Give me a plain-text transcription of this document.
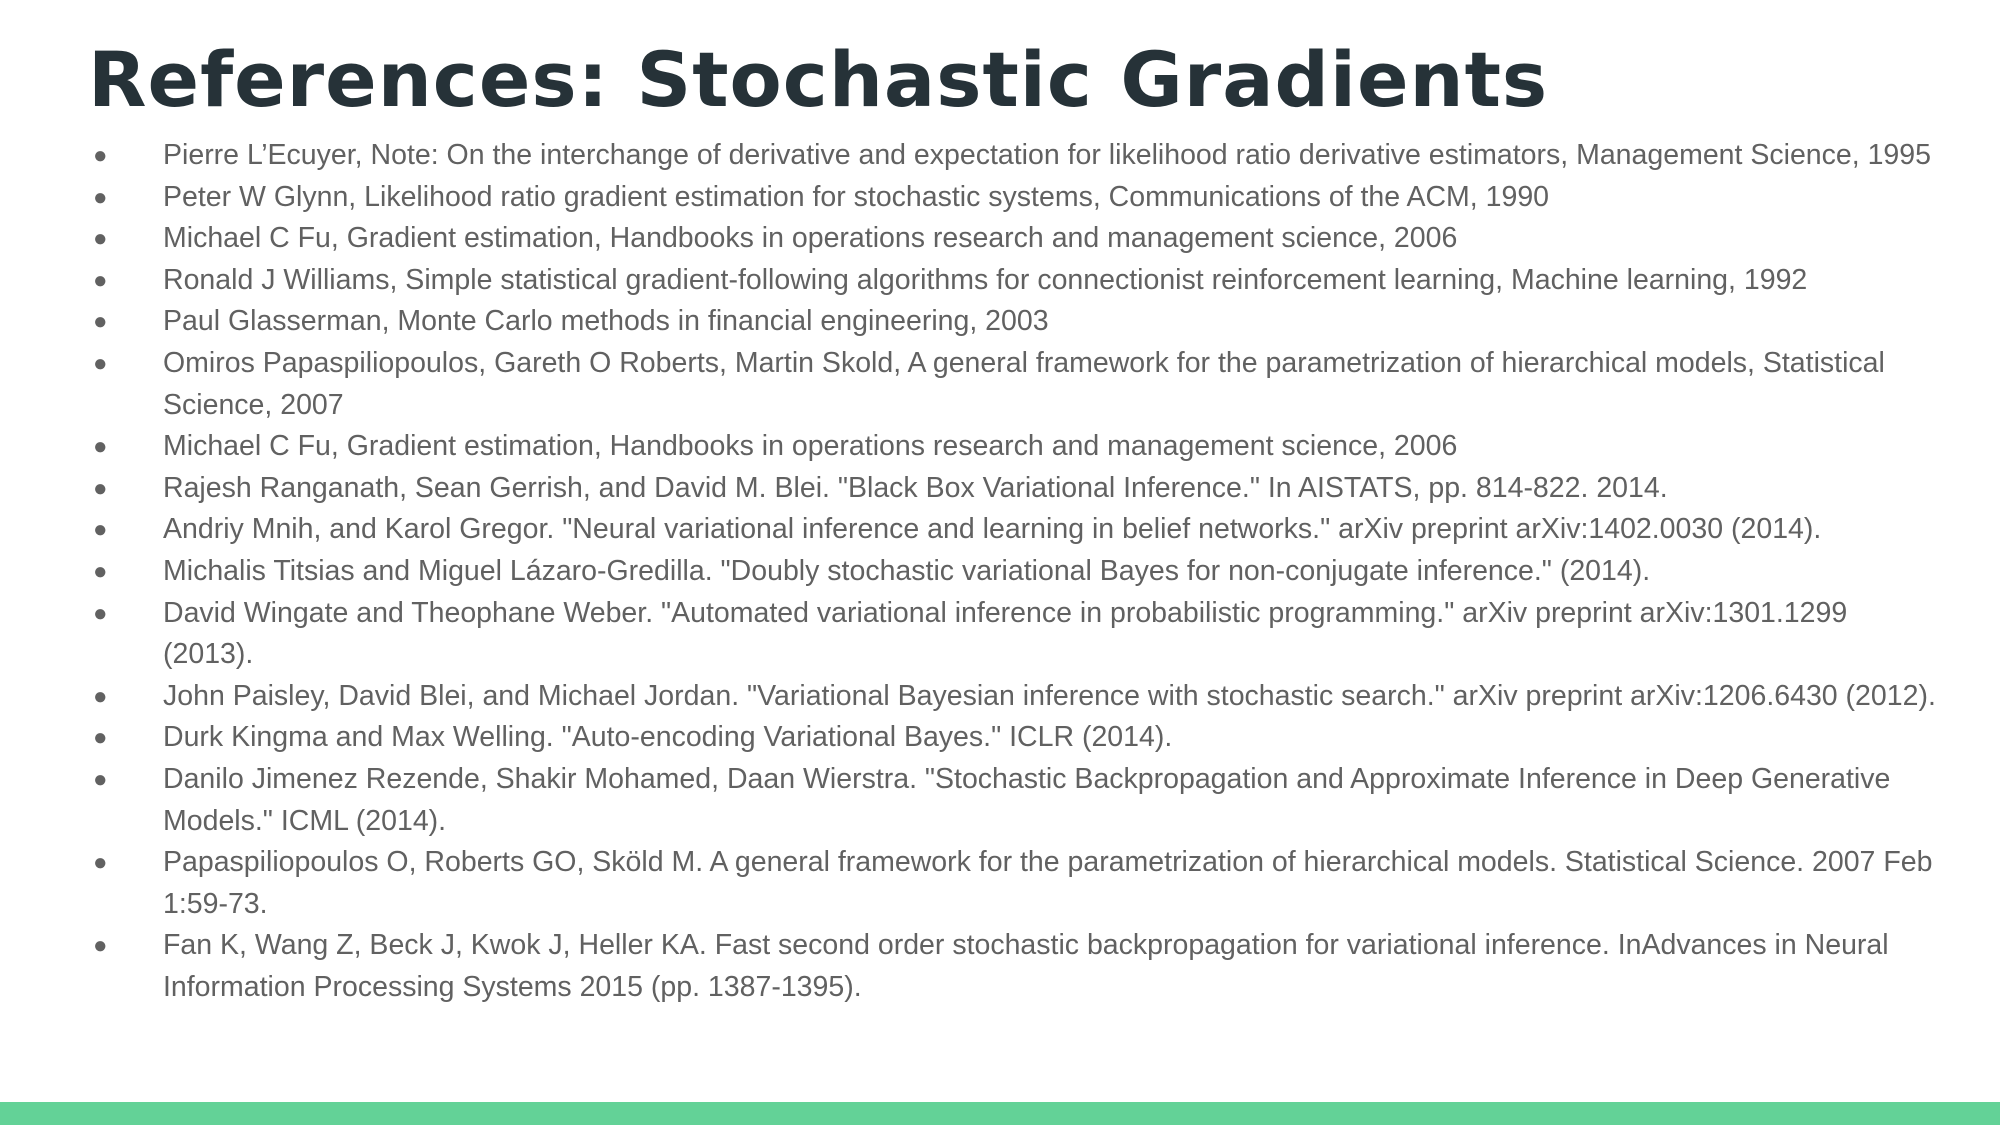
References: Stochastic Gradients
● Pierre L’Ecuyer, Note: On the interchange of derivative and expectation for likelihood ratio derivative estimators, Management Science, 1995
● Peter W Glynn, Likelihood ratio gradient estimation for stochastic systems, Communications of the ACM, 1990
● Michael C Fu, Gradient estimation, Handbooks in operations research and management science, 2006
● Ronald J Williams, Simple statistical gradient-following algorithms for connectionist reinforcement learning, Machine learning, 1992
● Paul Glasserman, Monte Carlo methods in financial engineering, 2003
● Omiros Papaspiliopoulos, Gareth O Roberts, Martin Skold, A general framework for the parametrization of hierarchical models, Statistical Science, 2007
● Michael C Fu, Gradient estimation, Handbooks in operations research and management science, 2006
● Rajesh Ranganath, Sean Gerrish, and David M. Blei. "Black Box Variational Inference." In AISTATS, pp. 814-822. 2014.
● Andriy Mnih, and Karol Gregor. "Neural variational inference and learning in belief networks." arXiv preprint arXiv:1402.0030 (2014).
● Michalis Titsias and Miguel Lázaro-Gredilla. "Doubly stochastic variational Bayes for non-conjugate inference." (2014).
● David Wingate and Theophane Weber. "Automated variational inference in probabilistic programming." arXiv preprint arXiv:1301.1299 (2013).
● John Paisley, David Blei, and Michael Jordan. "Variational Bayesian inference with stochastic search." arXiv preprint arXiv:1206.6430 (2012).
● Durk Kingma and Max Welling. "Auto-encoding Variational Bayes." ICLR (2014).
● Danilo Jimenez Rezende, Shakir Mohamed, Daan Wierstra. "Stochastic Backpropagation and Approximate Inference in Deep Generative Models." ICML (2014).
● Papaspiliopoulos O, Roberts GO, Sköld M. A general framework for the parametrization of hierarchical models. Statistical Science. 2007 Feb 1:59-73.
● Fan K, Wang Z, Beck J, Kwok J, Heller KA. Fast second order stochastic backpropagation for variational inference. InAdvances in Neural Information Processing Systems 2015 (pp. 1387-1395).
